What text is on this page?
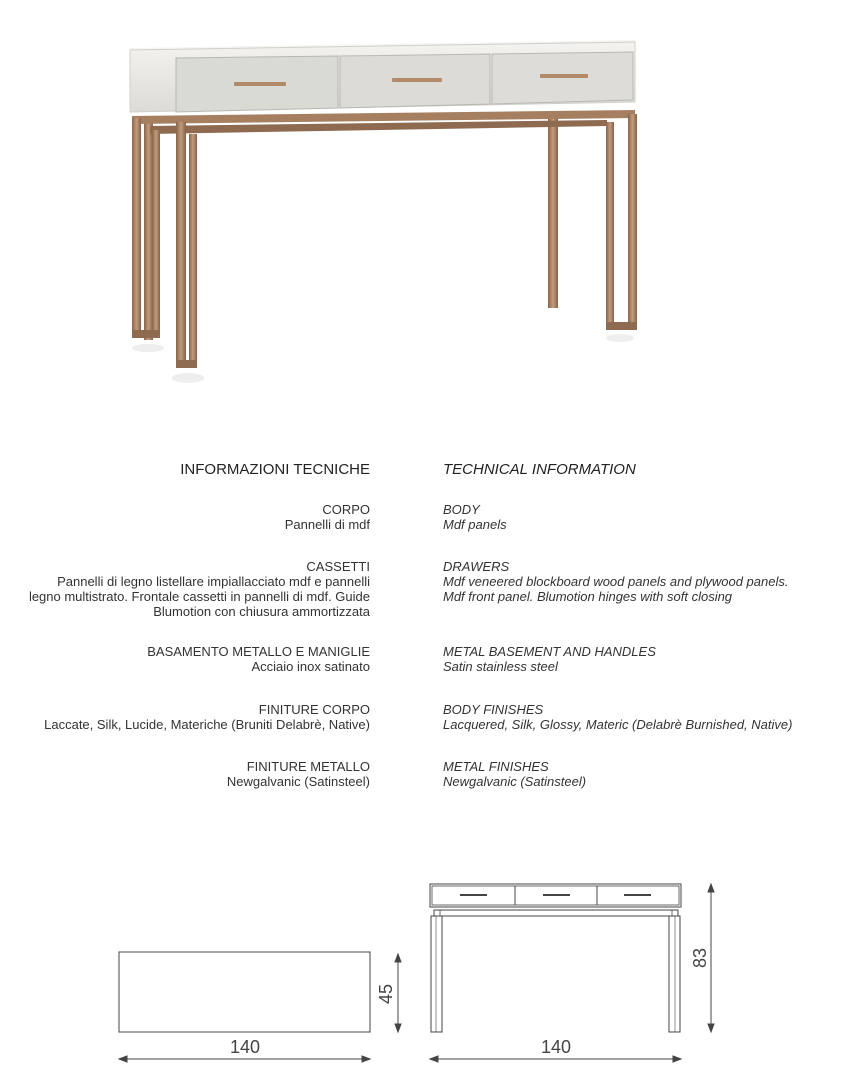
INFORMAZIONI TECNICHE	TECHNICAL INFORMATION
CORPO
Pannelli di mdf
CASSETTI
Pannelli di legno listellare impiallacciato mdf e pannelli
legno multistrato. Frontale cassetti in pannelli di mdf. Guide
Blumotion con chiusura ammortizzata
BASAMENTO METALLO E MANIGLIE
Acciaio inox satinato
FINITURE CORPO
Laccate, Silk, Lucide, Materiche (Bruniti Delabrè, Native)
FINITURE METALLO
Newgalvanic (Satinsteel)
BODY
Mdf panels
DRAWERS
Mdf veneered blockboard wood panels and plywood panels.
Mdf front panel. Blumotion hinges with soft closing
METAL BASEMENT AND HANDLES
Satin stainless steel
BODY FINISHES
Lacquered, Silk, Glossy, Materic (Delabrè Burnished, Native)
METAL FINISHES
Newgalvanic (Satinsteel)
140
45
140
83
